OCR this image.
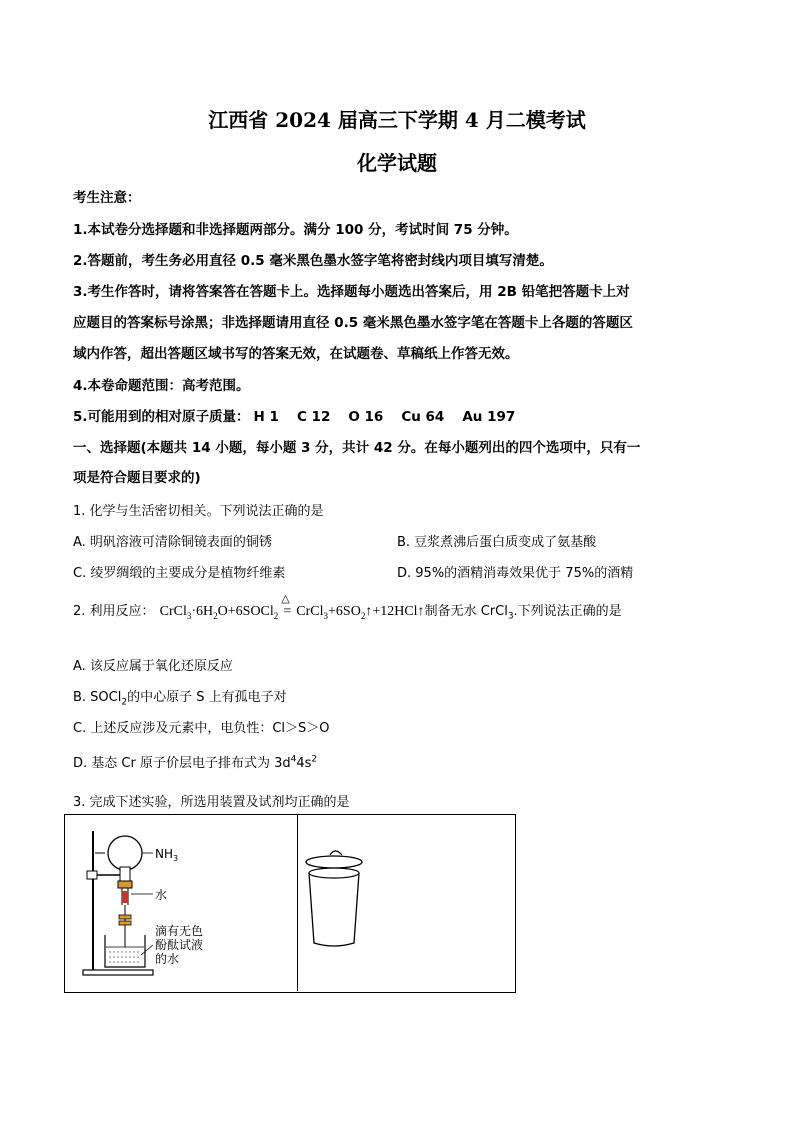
江西省 2024 届高三下学期 4 月二模考试
化学试题
考生注意：
1.本试卷分选择题和非选择题两部分。满分 100 分，考试时间 75 分钟。
2.答题前，考生务必用直径 0.5 毫米黑色墨水签字笔将密封线内项目填写清楚。
3.考生作答时，请将答案答在答题卡上。选择题每小题选出答案后，用 2B 铅笔把答题卡上对
应题目的答案标号涂黑；非选择题请用直径 0.5 毫米黑色墨水签字笔在答题卡上各题的答题区
域内作答，超出答题区域书写的答案无效，在试题卷、草稿纸上作答无效。
4.本卷命题范围：高考范围。
5.可能用到的相对原子质量： H 1 C 12 O 16 Cu 64 Au 197
一、选择题(本题共 14 小题，每小题 3 分，共计 42 分。在每小题列出的四个选项中，只有一
项是符合题目要求的)
1. 化学与生活密切相关。下列说法正确的是
A. 明矾溶液可清除铜镜表面的铜锈	B. 豆浆煮沸后蛋白质变成了氨基酸
C. 绫罗绸缎的主要成分是植物纤维素	D. 95%的酒精消毒效果优于 75%的酒精
2. 利用反应： $CrCl_3\cdot 6H_2O+6SOCl_2$
△
= $CrCl_3+6SO_2↑+12HCl↑$制备无水 CrCl$_3$.下列说法正确的是
A. 该反应属于氧化还原反应
B. SOCl$_2$的中心原子 S 上有孤电子对
C. 上述反应涉及元素中，电负性：Cl＞S＞O
D. 基态 Cr 原子价层电子排布式为 $3d^44s^2$
3. 完成下述实验，所选用装置及试剂均正确的是
$NH_3$
水
滴有无色
酚酞试液
的水
